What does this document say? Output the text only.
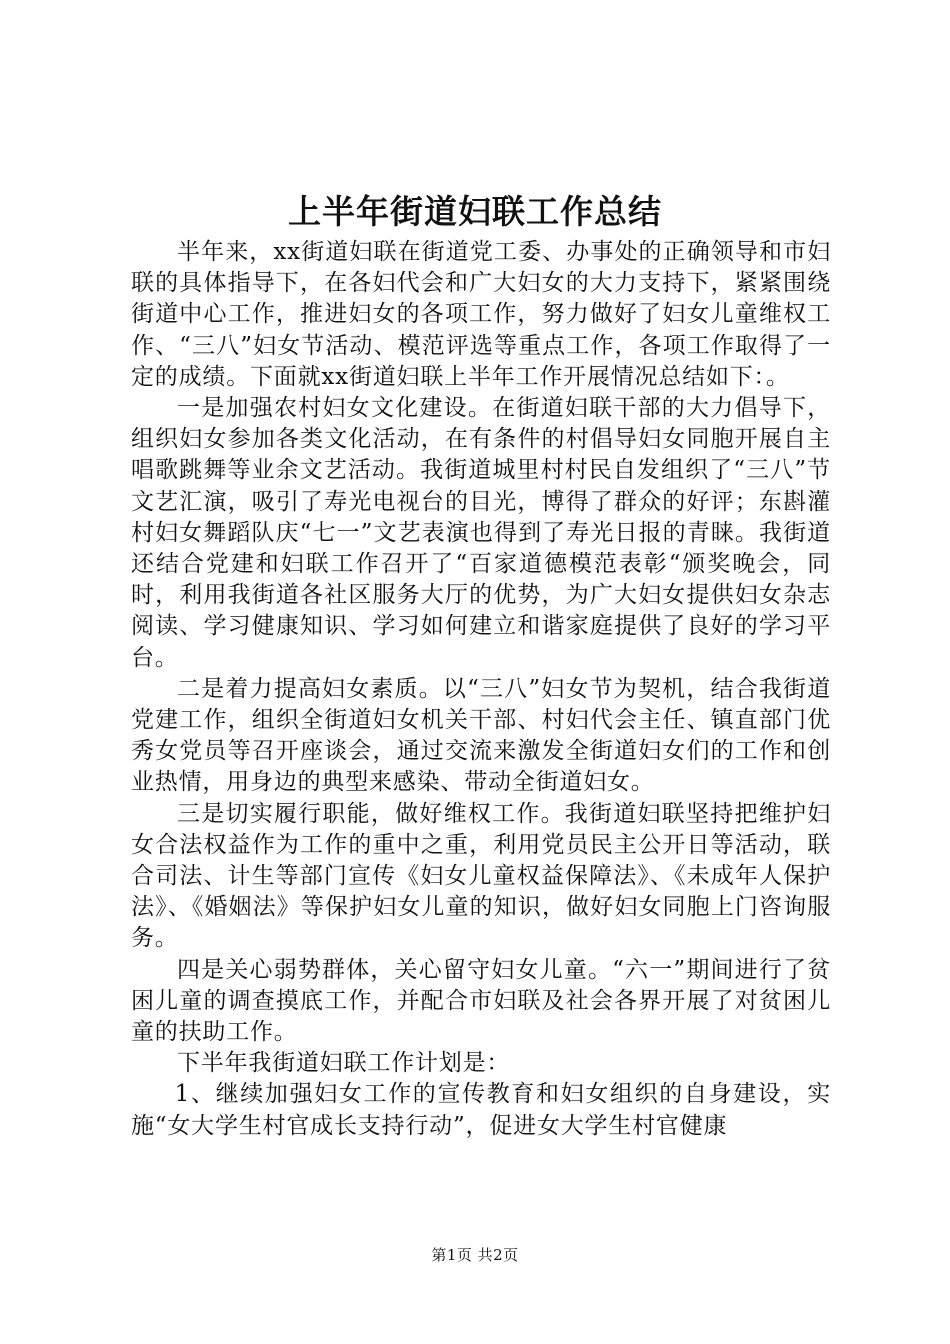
上半年街道妇联工作总结

半年来，xx街道妇联在街道党工委、办事处的正确领导和市妇联的具体指导下，在各妇代会和广大妇女的大力支持下，紧紧围绕街道中心工作，推进妇女的各项工作，努力做好了妇女儿童维权工作、“三八”妇女节活动、模范评选等重点工作，各项工作取得了一定的成绩。下面就xx街道妇联上半年工作开展情况总结如下：。

一是加强农村妇女文化建设。在街道妇联干部的大力倡导下，组织妇女参加各类文化活动，在有条件的村倡导妇女同胞开展自主唱歌跳舞等业余文艺活动。我街道城里村村民自发组织了“三八”节文艺汇演，吸引了寿光电视台的目光，博得了群众的好评；东斟灌村妇女舞蹈队庆“七一”文艺表演也得到了寿光日报的青睐。我街道还结合党建和妇联工作召开了“百家道德模范表彰“颁奖晚会，同时，利用我街道各社区服务大厅的优势，为广大妇女提供妇女杂志阅读、学习健康知识、学习如何建立和谐家庭提供了良好的学习平台。

二是着力提高妇女素质。以“三八”妇女节为契机，结合我街道党建工作，组织全街道妇女机关干部、村妇代会主任、镇直部门优秀女党员等召开座谈会，通过交流来激发全街道妇女们的工作和创业热情，用身边的典型来感染、带动全街道妇女。

三是切实履行职能，做好维权工作。我街道妇联坚持把维护妇女合法权益作为工作的重中之重，利用党员民主公开日等活动，联合司法、计生等部门宣传《妇女儿童权益保障法》、《未成年人保护法》、《婚姻法》等保护妇女儿童的知识，做好妇女同胞上门咨询服务。

四是关心弱势群体，关心留守妇女儿童。“六一”期间进行了贫困儿童的调查摸底工作，并配合市妇联及社会各界开展了对贫困儿童的扶助工作。

下半年我街道妇联工作计划是：

1、继续加强妇女工作的宣传教育和妇女组织的自身建设，实施“女大学生村官成长支持行动”，促进女大学生村官健康

第1页 共2页
